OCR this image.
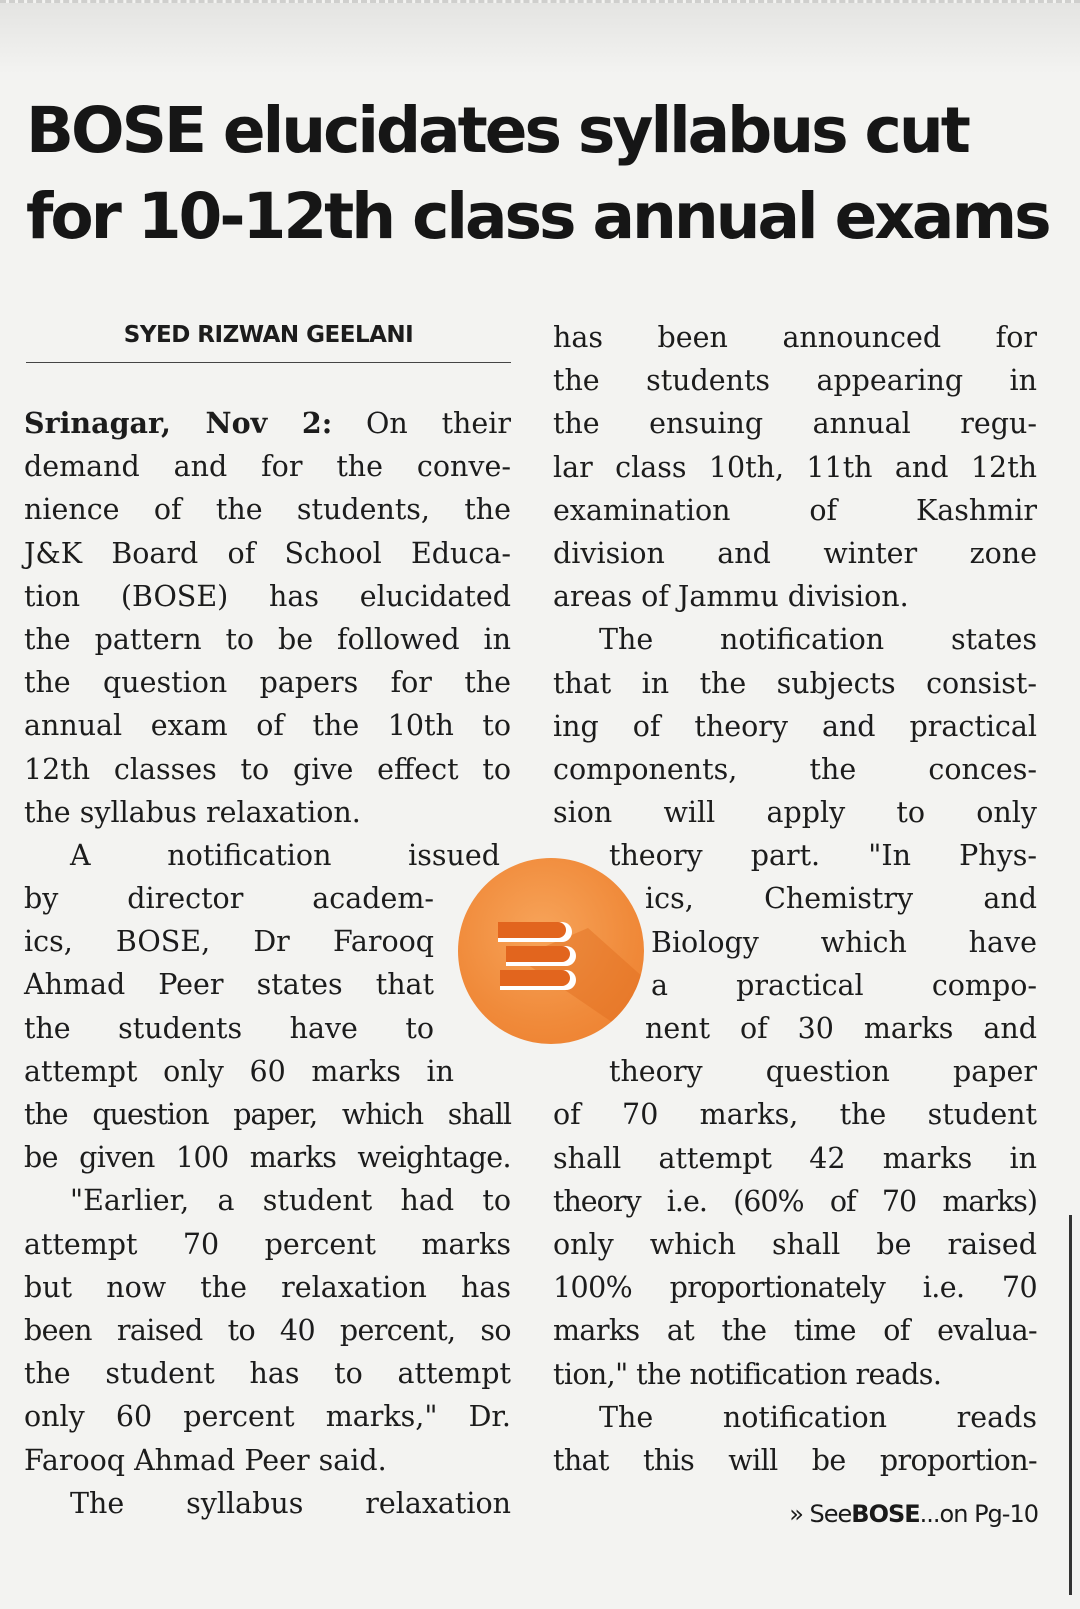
BOSE elucidates syllabus cut
for 10-12th class annual exams
SYED RIZWAN GEELANI
Srinagar, Nov 2: On their
demand and for the conve-
nience of the students, the
J&K Board of School Educa-
tion (BOSE) has elucidated
the pattern to be followed in
the question papers for the
annual exam of the 10th to
12th classes to give effect to
the syllabus relaxation.
A notification issued
by director academ-
ics, BOSE, Dr Farooq
Ahmad Peer states that
the students have to
attempt only 60 marks in
the question paper, which shall
be given 100 marks weightage.
"Earlier, a student had to
attempt 70 percent marks
but now the relaxation has
been raised to 40 percent, so
the student has to attempt
only 60 percent marks," Dr.
Farooq Ahmad Peer said.
The syllabus relaxation
has been announced for
the students appearing in
the ensuing annual regu-
lar class 10th, 11th and 12th
examination of Kashmir
division and winter zone
areas of Jammu division.
The notification states
that in the subjects consist-
ing of theory and practical
components, the conces-
sion will apply to only
theory part. "In Phys-
ics, Chemistry and
Biology which have
a practical compo-
nent of 30 marks and
theory question paper
of 70 marks, the student
shall attempt 42 marks in
theory i.e. (60% of 70 marks)
only which shall be raised
100% proportionately i.e. 70
marks at the time of evalua-
tion," the notification reads.
The notification reads
that this will be proportion-
» SeeBOSE...on Pg-10
